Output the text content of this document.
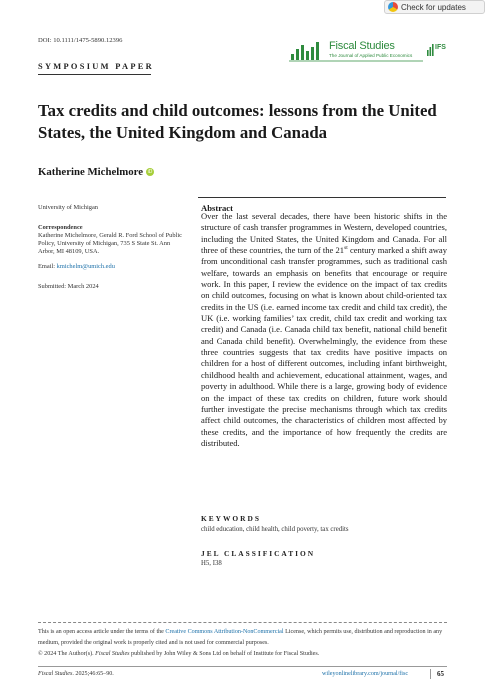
Check for updates
DOI: 10.1111/1475-5890.12396	Fiscal Studies
The Journal of Applied Public Economics
IFS
SYMPOSIUM PAPER
Tax credits and child outcomes: lessons from the United States, the United Kingdom and Canada
Katherine Michelmore iD
University of Michigan
Correspondence
Katherine Michelmore, Gerald R. Ford School of Public Policy, University of Michigan, 735 S State St. Ann Arbor, MI 48109, USA.
Email: kmichelm@umich.edu
Submitted: March 2024
Abstract
Over the last several decades, there have been historic shifts in the structure of cash transfer programmes in Western, developed countries, including the United States, the United Kingdom and Canada. For all three of these countries, the turn of the 21st century marked a shift away from unconditional cash transfer programmes, such as traditional cash welfare, towards an emphasis on benefits that encourage or require work. In this paper, I review the evidence on the impact of tax credits on child outcomes, focusing on what is known about child-oriented tax credits in the US (i.e. earned income tax credit and child tax credit), the UK (i.e. working families’ tax credit, child tax credit and working tax credit) and Canada (i.e. Canada child tax benefit, national child benefit and Canada child benefit). Overwhelmingly, the evidence from these three countries suggests that tax credits have positive impacts on children for a host of different outcomes, including infant birthweight, childhood health and achievement, educational attainment, wages, and poverty in adulthood. While there is a large, growing body of evidence on the impact of these tax credits on children, future work should further investigate the precise mechanisms through which tax credits affect child outcomes, the characteristics of children most affected by these credits, and the importance of how frequently the credits are distributed.
KEYWORDS
child education, child health, child poverty, tax credits
JEL CLASSIFICATION
H5, I38
This is an open access article under the terms of the Creative Commons Attribution-NonCommercial License, which permits use, distribution and reproduction in any medium, provided the original work is properly cited and is not used for commercial purposes.
© 2024 The Author(s). Fiscal Studies published by John Wiley & Sons Ltd on behalf of Institute for Fiscal Studies.
Fiscal Studies. 2025;46:65–90.	wileyonlinelibrary.com/journal/fisc	65
